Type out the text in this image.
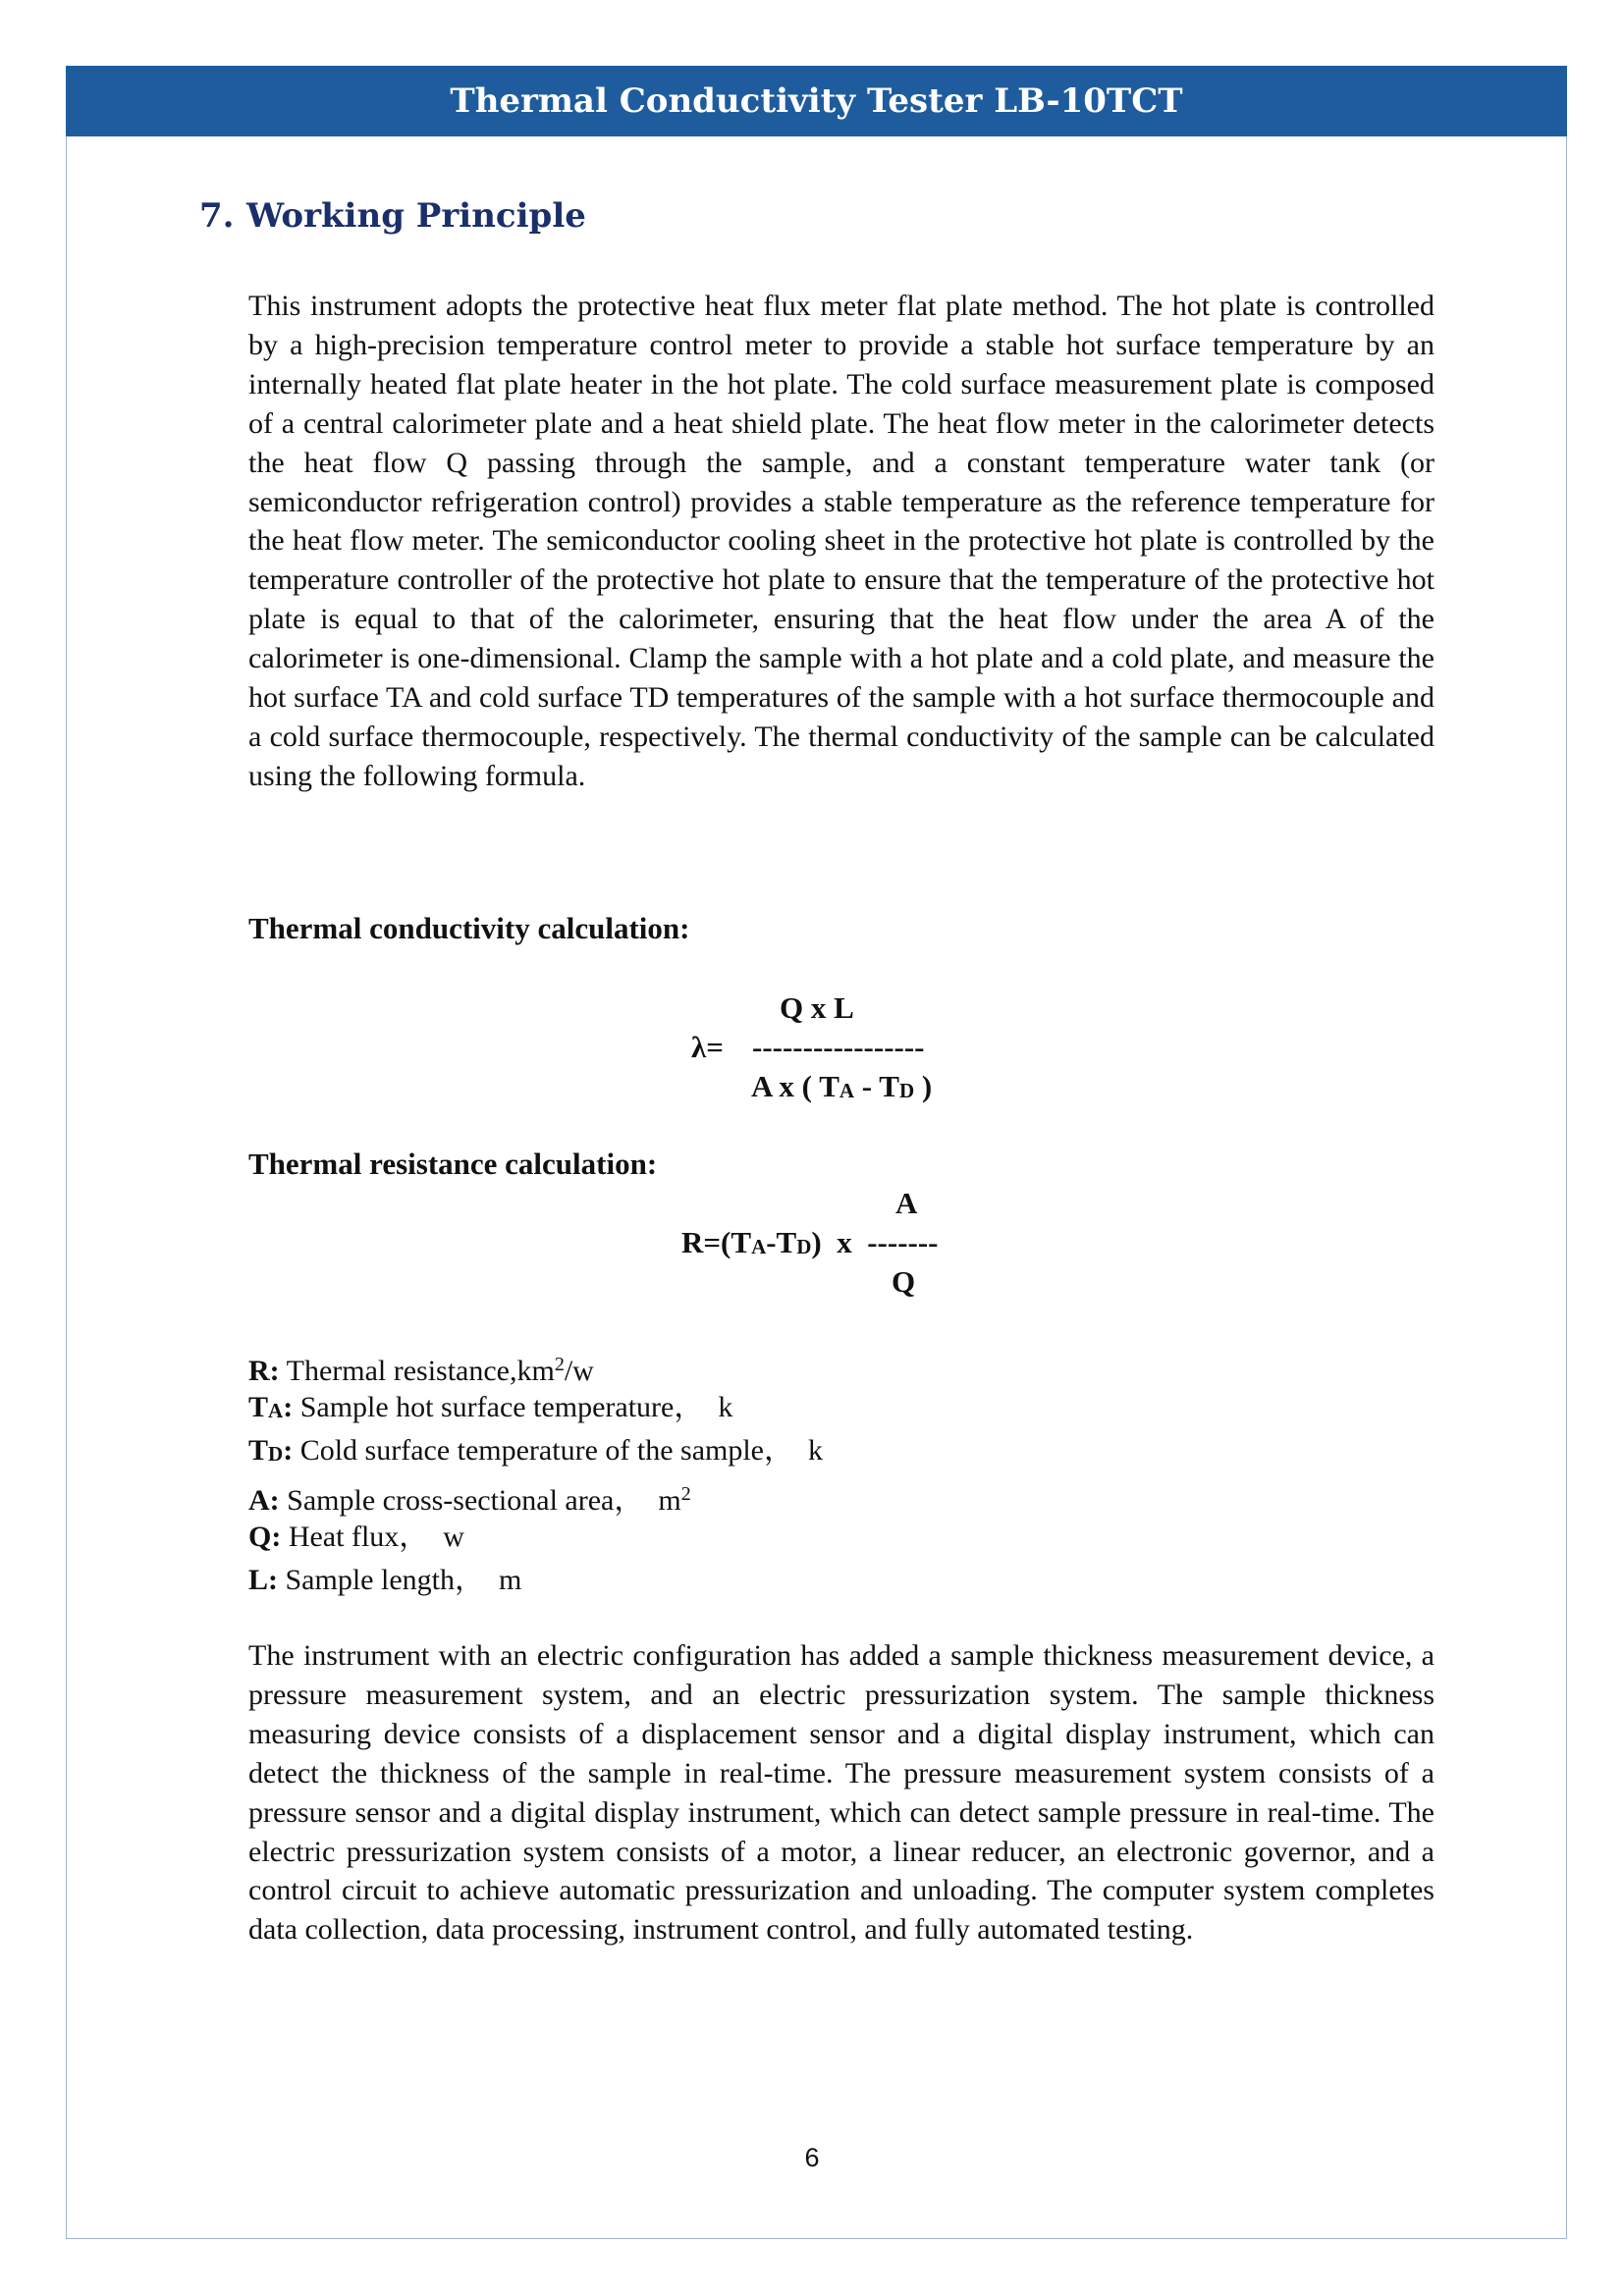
Thermal Conductivity Tester LB-10TCT
7. Working Principle

This instrument adopts the protective heat flux meter flat plate method. The hot plate is controlled by a high-precision temperature control meter to provide a stable hot surface temperature by an internally heated flat plate heater in the hot plate. The cold surface measurement plate is composed of a central calorimeter plate and a heat shield plate. The heat flow meter in the calorimeter detects the heat flow Q passing through the sample, and a constant temperature water tank (or semiconductor refrigeration control) provides a stable temperature as the reference temperature for the heat flow meter. The semiconductor cooling sheet in the protective hot plate is controlled by the temperature controller of the protective hot plate to ensure that the temperature of the protective hot plate is equal to that of the calorimeter, ensuring that the heat flow under the area A of the calorimeter is one-dimensional. Clamp the sample with a hot plate and a cold plate, and measure the hot surface TA and cold surface TD temperatures of the sample with a hot surface thermocouple and a cold surface thermocouple, respectively. The thermal conductivity of the sample can be calculated using the following formula.

Thermal conductivity calculation:

Q x L
λ= -----------------
A x ( TA - TD )

Thermal resistance calculation:

A
R=(TA-TD)  x  -------
Q
R: Thermal $resistance,km^2/w$
TA: Sample hot surface temperature，  k
TD: Cold surface temperature of the sample，  k
A: Sample cross-sectional area，  $m^2$
Q: Heat flux，  w
L: Sample length，  m

The instrument with an electric configuration has added a sample thickness measurement device, a pressure measurement system, and an electric pressurization system. The sample thickness measuring device consists of a displacement sensor and a digital display instrument, which can detect the thickness of the sample in real-time. The pressure measurement system consists of a pressure sensor and a digital display instrument, which can detect sample pressure in real-time. The electric pressurization system consists of a motor, a linear reducer, an electronic governor, and a control circuit to achieve automatic pressurization and unloading. The computer system completes data collection, data processing, instrument control, and fully automated testing.

6
